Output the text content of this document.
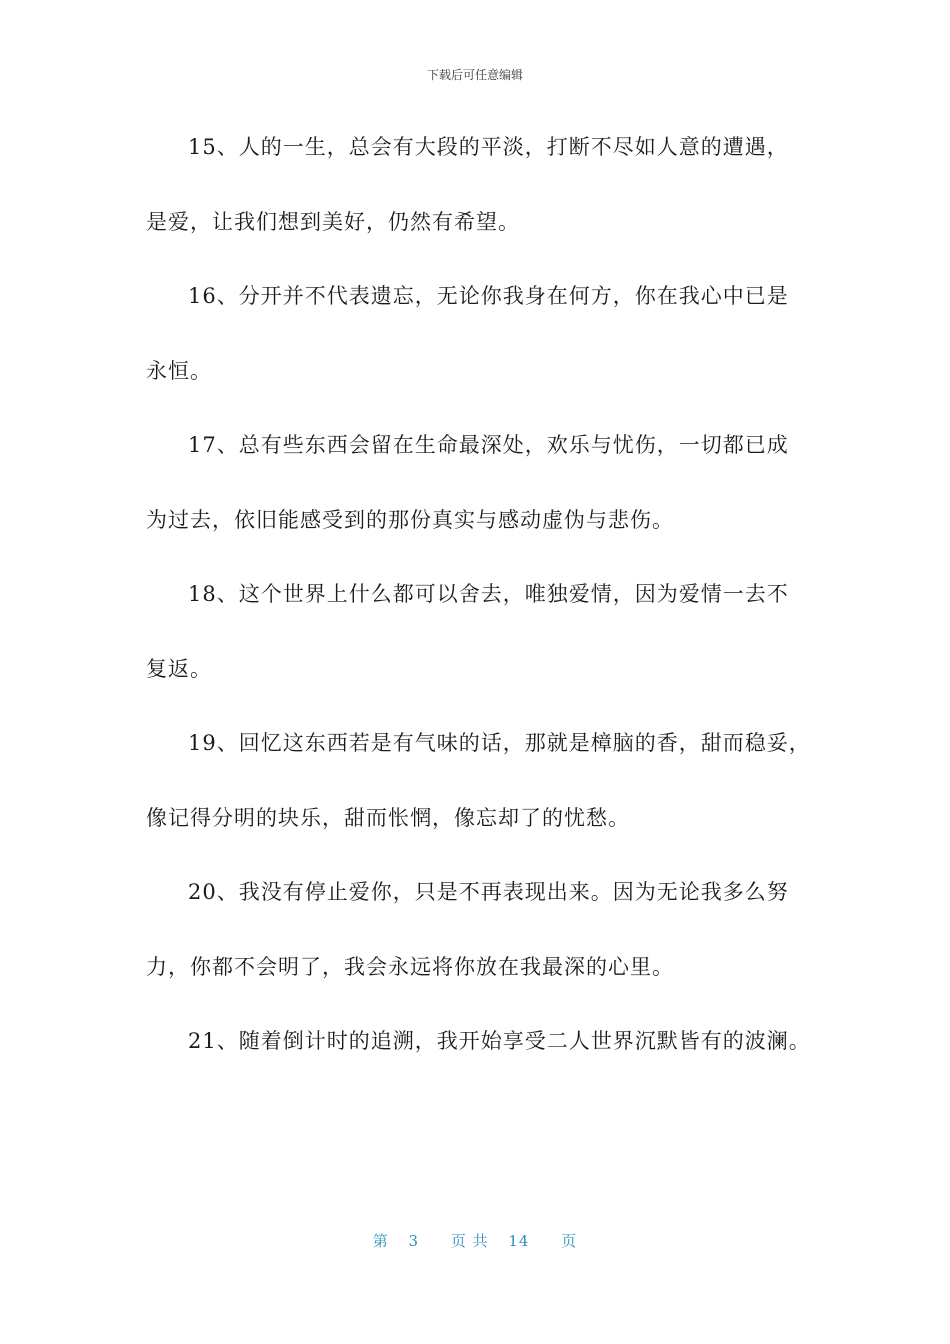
下载后可任意编辑
15、人的一生，总会有大段的平淡，打断不尽如人意的遭遇，
是爱，让我们想到美好，仍然有希望。
16、分开并不代表遗忘，无论你我身在何方，你在我心中已是
永恒。
17、总有些东西会留在生命最深处，欢乐与忧伤，一切都已成
为过去，依旧能感受到的那份真实与感动虚伪与悲伤。
18、这个世界上什么都可以舍去，唯独爱情，因为爱情一去不
复返。
19、回忆这东西若是有气味的话，那就是樟脑的香，甜而稳妥，
像记得分明的块乐，甜而怅惘，像忘却了的忧愁。
20、我没有停止爱你，只是不再表现出来。因为无论我多么努
力，你都不会明了，我会永远将你放在我最深的心里。
21、随着倒计时的追溯，我开始享受二人世界沉默皆有的波澜。
第 3 页 共 14 页
